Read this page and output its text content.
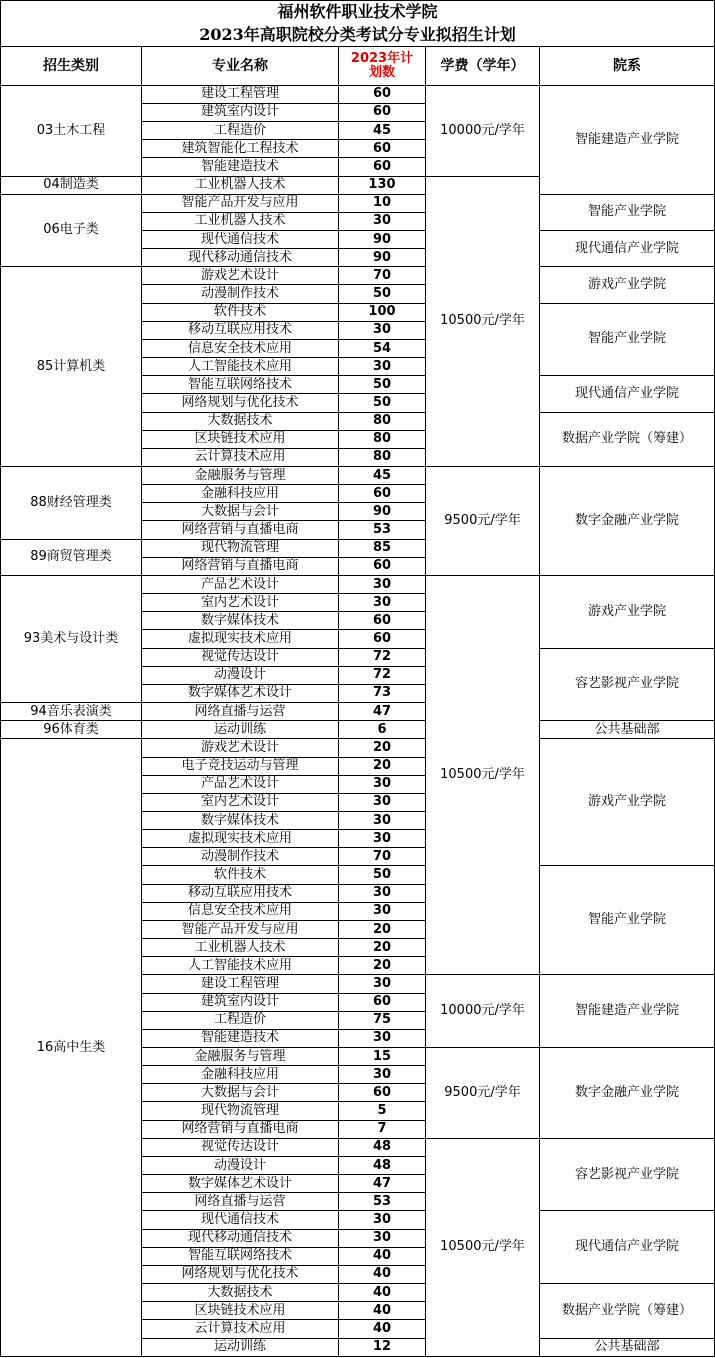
福州软件职业技术学院				
2023年高职院校分类考试分专业拟招生计划				
招生类别	专业名称	2023年计
划数	学费（学年）	院系
03土木工程	建设工程管理	60	10000元/学年	智能建造产业学院
	建筑室内设计	60		
	工程造价	45		
	建筑智能化工程技术	60		
	智能建造技术	60		
04制造类	工业机器人技术	130	10500元/学年	
06电子类	智能产品开发与应用	10		智能产业学院
	工业机器人技术	30		
	现代通信技术	90		现代通信产业学院
	现代移动通信技术	90		
85计算机类	游戏艺术设计	70		游戏产业学院
	动漫制作技术	50		
	软件技术	100		智能产业学院
	移动互联应用技术	30		
	信息安全技术应用	54		
	人工智能技术应用	30		
	智能互联网络技术	50		现代通信产业学院
	网络规划与优化技术	50		
	大数据技术	80		数据产业学院（筹建）
	区块链技术应用	80		
	云计算技术应用	80		
88财经管理类	金融服务与管理	45	9500元/学年	数字金融产业学院
	金融科技应用	60		
	大数据与会计	90		
	网络营销与直播电商	53		
89商贸管理类	现代物流管理	85		
	网络营销与直播电商	60		
93美术与设计类	产品艺术设计	30	10500元/学年	游戏产业学院
	室内艺术设计	30		
	数字媒体技术	60		
	虚拟现实技术应用	60		
	视觉传达设计	72		容艺影视产业学院
	动漫设计	72		
	数字媒体艺术设计	73		
94音乐表演类	网络直播与运营	47		
96体育类	运动训练	6		公共基础部
16高中生类	游戏艺术设计	20		游戏产业学院
	电子竞技运动与管理	20		
	产品艺术设计	30		
	室内艺术设计	30		
	数字媒体技术	30		
	虚拟现实技术应用	30		
	动漫制作技术	70		
	软件技术	50		智能产业学院
	移动互联应用技术	30		
	信息安全技术应用	30		
	智能产品开发与应用	20		
	工业机器人技术	20		
	人工智能技术应用	20		
	建设工程管理	30	10000元/学年	智能建造产业学院
	建筑室内设计	60		
	工程造价	75		
	智能建造技术	30		
	金融服务与管理	15	9500元/学年	数字金融产业学院
	金融科技应用	30		
	大数据与会计	60		
	现代物流管理	5		
	网络营销与直播电商	7		
	视觉传达设计	48	10500元/学年	容艺影视产业学院
	动漫设计	48		
	数字媒体艺术设计	47		
	网络直播与运营	53		
	现代通信技术	30		现代通信产业学院
	现代移动通信技术	30		
	智能互联网络技术	40		
	网络规划与优化技术	40		
	大数据技术	40		数据产业学院（筹建）
	区块链技术应用	40		
	云计算技术应用	40		
	运动训练	12		公共基础部
